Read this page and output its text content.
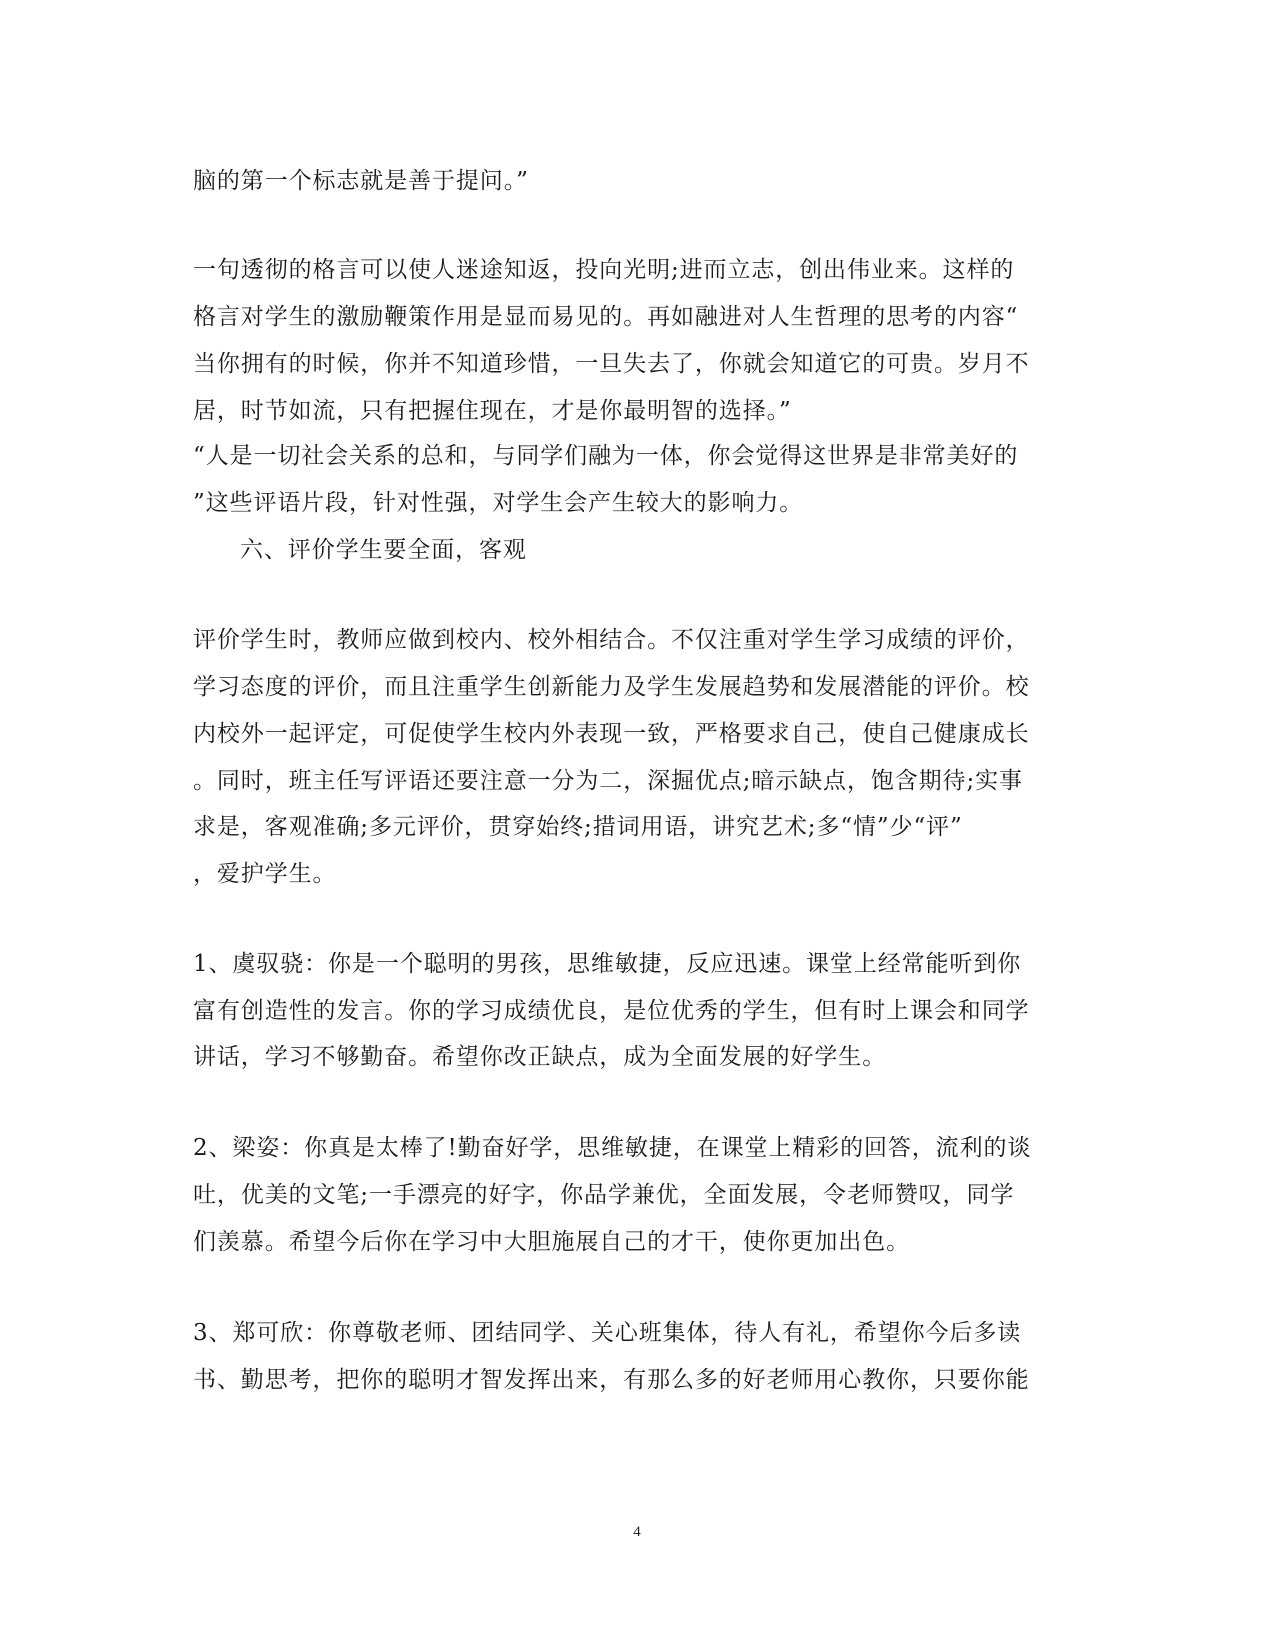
脑的第一个标志就是善于提问。”
一句透彻的格言可以使人迷途知返，投向光明;进而立志，创出伟业来。这样的
格言对学生的激励鞭策作用是显而易见的。再如融进对人生哲理的思考的内容“
当你拥有的时候，你并不知道珍惜，一旦失去了，你就会知道它的可贵。岁月不
居，时节如流，只有把握住现在，才是你最明智的选择。”
“人是一切社会关系的总和，与同学们融为一体，你会觉得这世界是非常美好的
”这些评语片段，针对性强，对学生会产生较大的影响力。
六、评价学生要全面，客观
评价学生时，教师应做到校内、校外相结合。不仅注重对学生学习成绩的评价，
学习态度的评价，而且注重学生创新能力及学生发展趋势和发展潜能的评价。校
内校外一起评定，可促使学生校内外表现一致，严格要求自己，使自己健康成长
。同时，班主任写评语还要注意一分为二，深掘优点;暗示缺点，饱含期待;实事
求是，客观准确;多元评价，贯穿始终;措词用语，讲究艺术;多“情”少“评”
，爱护学生。
1、虞驭骁：你是一个聪明的男孩，思维敏捷，反应迅速。课堂上经常能听到你
富有创造性的发言。你的学习成绩优良，是位优秀的学生，但有时上课会和同学
讲话，学习不够勤奋。希望你改正缺点，成为全面发展的好学生。
2、梁姿：你真是太棒了!勤奋好学，思维敏捷，在课堂上精彩的回答，流利的谈
吐，优美的文笔;一手漂亮的好字，你品学兼优，全面发展，令老师赞叹，同学
们羡慕。希望今后你在学习中大胆施展自己的才干，使你更加出色。
3、郑可欣：你尊敬老师、团结同学、关心班集体，待人有礼，希望你今后多读
书、勤思考，把你的聪明才智发挥出来，有那么多的好老师用心教你，只要你能
4
